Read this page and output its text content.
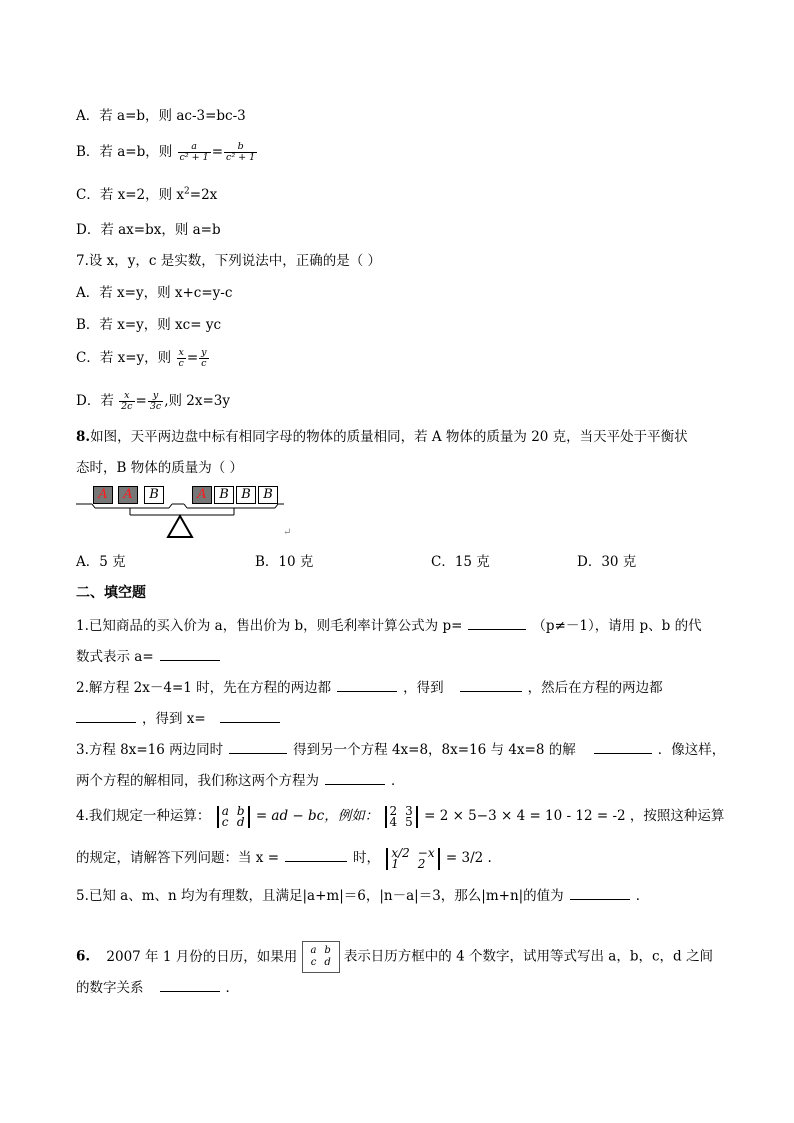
A．若 a=b，则 ac-3=bc-3
B．若 a=b，则 $\frac{a}{\text{c² + 1}} = \frac{b}{\text{c² + 1}}$
C．若 x=2，则 $x^2=2x$
D．若 ax=bx，则 a=b
7.设 x，y，c 是实数，下列说法中，正确的是（ ）
A．若 x=y，则 x+c=y-c
B．若 x=y，则 xc= yc
C．若 x=y，则 $\frac{x}{c} = \frac{y}{c}$
D．若 $\frac{x}{2c} = \frac{y}{3c}$ ,则 2x=3y
8.如图，天平两边盘中标有相同字母的物体的质量相同，若 A 物体的质量为 20 克，当天平处于平衡状
态时，B 物体的质量为（ ）
A	A	B	A B B B
↵
A．5 克	B．10 克	C．15 克	D．30 克
二、填空题
1.已知商品的买入价为 a，售出价为 b，则毛利率计算公式为 p=	（p≠－1），请用 p、b 的代
数式表示 a=
2.解方程 2x－4=1 时，先在方程的两边都	，得到	，然后在方程的两边都
，得到 x=
3.方程 8x=16 两边同时	得到另一个方程 4x=8，8x=16 与 4x=8 的解	．像这样，
两个方程的解相同，我们称这两个方程为	．
4.我们规定一种运算： a b
c d = ad − bc，例如： 2 3
4 5 = 2 × 5−3 × 4 = 10 - 12 = -2 ，按照这种运算
的规定，请解答下列问题：当 x =	时， x/2 −x
1	2	= 3/2 .
5.已知 a、m、n 均为有理数，且满足|a+m|＝6，|n－a|＝3，那么|m+n|的值为	．
6. 2007 年 1 月份的日历，如果用	a b
c d 表示日历方框中的 4 个数字，试用等式写出 a，b，c，d 之间
的数字关系	．
